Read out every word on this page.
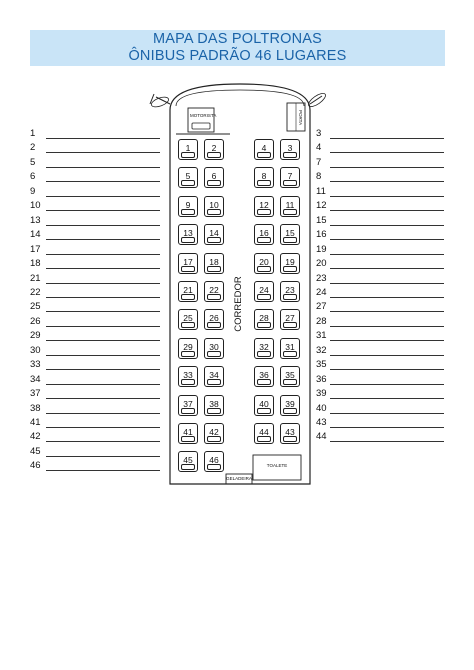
MAPA DAS POLTRONAS
ÔNIBUS PADRÃO 46 LUGARES
1
2
5
6
9
10
13
14
17
18
21
22
25
26
29
30
33
34
37
38
41
42
45
46
3
4
7
8
11
12
15
16
19
20
23
24
27
28
31
32
35
36
39
40
43
44
MOTORISTA	PORTA
TOALETE
GELADEIRA
CORREDOR
1	2	4	3
5	6	8	7
9	10	12	11
13	14	16	15
17	18	20	19
21	22	24	23
25	26	28	27
29	30	32	31
33	34	36	35
37	38	40	39
41	42	44	43
45	46
